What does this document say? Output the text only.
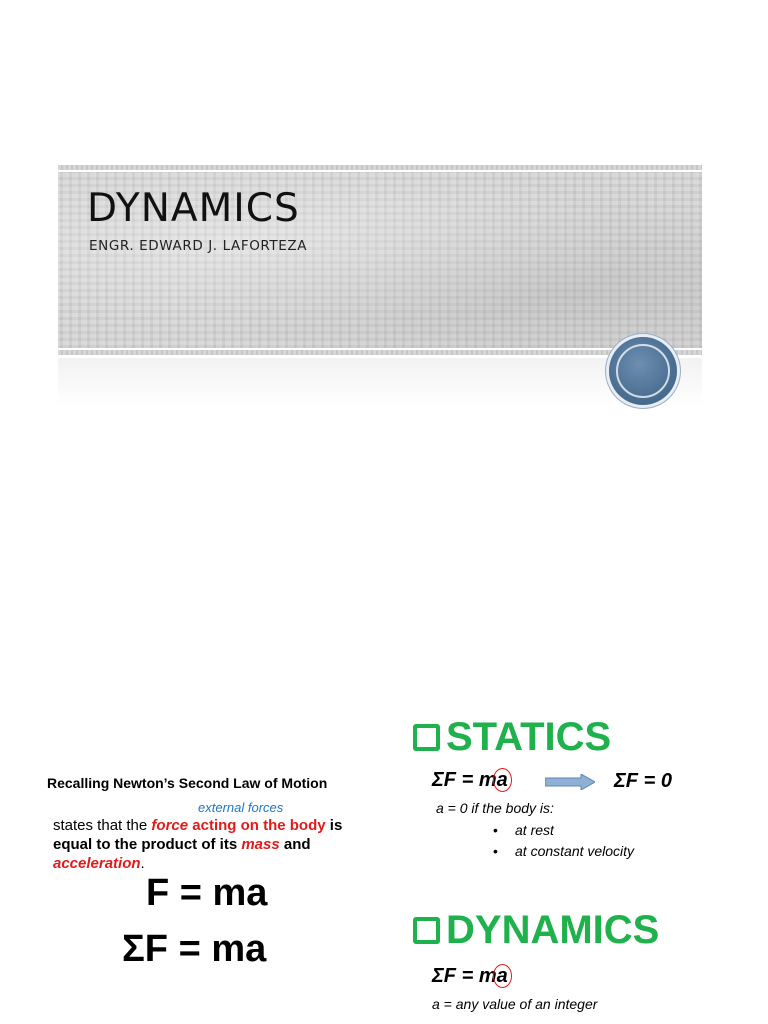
DYNAMICS

ENGR. EDWARD J. LAFORTEZA

Recalling Newton’s Second Law of Motion
external forces

states that the force acting on the body is equal to the product of its mass and acceleration.

F = ma

ΣF = ma

STATICS
ΣF = ma	ΣF = 0

a = 0 if the body is:

• at rest
• at constant velocity
DYNAMICS
ΣF = ma

a = any value of an integer
